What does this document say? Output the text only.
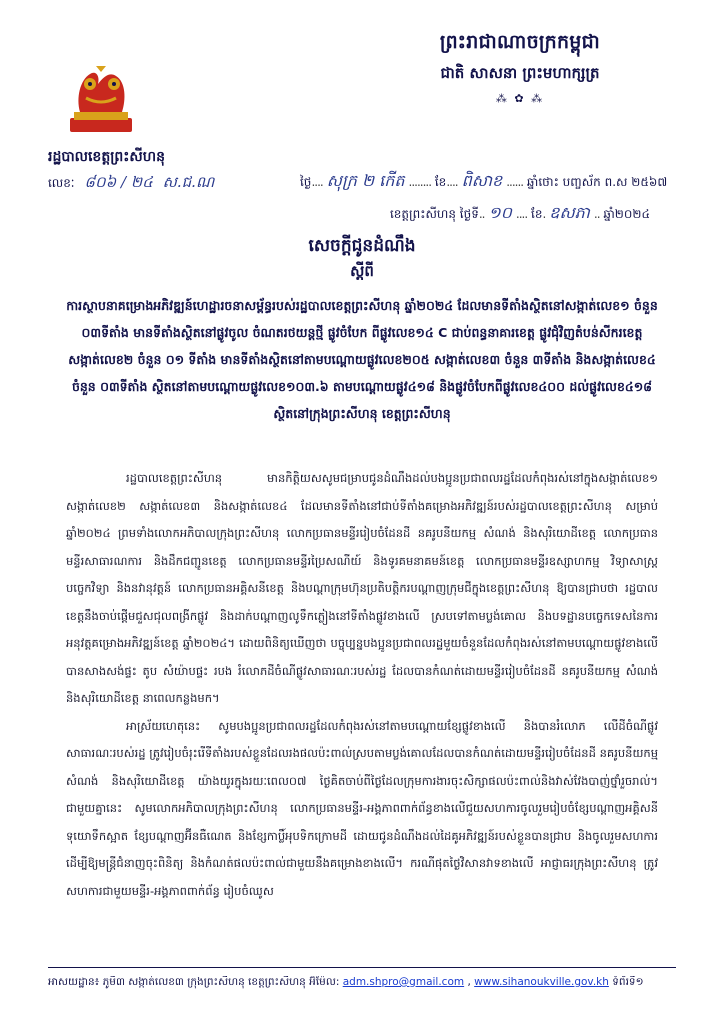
ព្រះរាជាណាចក្រកម្ពុជា
ជាតិ សាសនា ព្រះមហាក្សត្រ
⁂ ✿ ⁂
រដ្ឋបាលខេត្តព្រះសីហនុ
លេខៈ ៨០៦ / ២៤ ស.ជ.ណ	ថ្ងៃ.... សុក្រ ២ កើត ........ ខែ.... ពិសាខ ...... ឆ្នាំថោះ បញ្ចស័ក ព.ស ២៥៦៧
ខេត្តព្រះសីហនុ ថ្ងៃទី.. ១០ .... ខែ. ឧសភា .. ឆ្នាំ២០២៤
សេចក្តីជូនដំណឹង
ស្តីពី
ការស្ថាបនាគម្រោងអភិវឌ្ឍន៍ហេដ្ឋារចនាសម្ព័ន្ធរបស់រដ្ឋបាលខេត្តព្រះសីហនុ ឆ្នាំ២០២៤ ដែលមានទីតាំងស្ថិតនៅសង្កាត់លេខ១ ចំនួន ០៣ទីតាំង មានទីតាំងស្ថិតនៅផ្លូវចូល ចំណតរថយន្តថ្មី ផ្លូវចំបែក ពីផ្លូវលេខ១៤ C ជាប់ពន្ធនាគារខេត្ត ផ្លូវជុំវិញតំបន់សីករខេត្ត សង្កាត់លេខ២ ចំនួន ០១ ទីតាំង មានទីតាំងស្ថិតនៅតាមបណ្តោយផ្លូវលេខ២០៥ សង្កាត់លេខ៣ ចំនួន ៣ទីតាំង និងសង្កាត់លេខ៤ ចំនួន ០៣ទីតាំង ស្ថិតនៅតាមបណ្តោយផ្លូវលេខ១០៣.៦ តាមបណ្តោយផ្លូវ៤១៨ និងផ្លូវចំបែកពីផ្លូវលេខ៤០០ ដល់ផ្លូវលេខ៤១៨ ស្ថិតនៅក្រុងព្រះសីហនុ ខេត្តព្រះសីហនុ

រដ្ឋបាលខេត្តព្រះសីហនុ មានកិត្តិយសសូមជម្រាបជូនដំណឹងដល់បងប្អូនប្រជាពលរដ្ឋដែលកំពុងរស់នៅក្នុងសង្កាត់លេខ១ សង្កាត់លេខ២ សង្កាត់លេខ៣ និងសង្កាត់លេខ៤ ដែលមានទីតាំងនៅជាប់ទីតាំងគម្រោងអភិវឌ្ឍន៍របស់រដ្ឋបាលខេត្តព្រះសីហនុ សម្រាប់ឆ្នាំ២០២៤ ព្រមទាំងលោកអភិបាលក្រុងព្រះសីហនុ លោកប្រធានមន្ទីររៀបចំដែនដី នគរូបនីយកម្ម សំណង់ និងសុរិយោដីខេត្ត លោកប្រធានមន្ទីរសាធារណការ និងដឹកជញ្ជូនខេត្ត លោកប្រធានមន្ទីរប្រៃសណីយ៍ និងទូរគមនាគមន៍ខេត្ត លោកប្រធានមន្ទីរឧស្សាហកម្ម វិទ្យាសាស្ត្រ បច្ចេកវិទ្យា និងនវានុវត្តន៍ លោកប្រធានអគ្គិសនីខេត្ត និងបណ្តាក្រុមហ៊ុនប្រតិបត្តិករបណ្តាញក្រុមជីក្នុងខេត្តព្រះសីហនុ ឱ្យបានជ្រាបថា រដ្ឋបាលខេត្តនឹងចាប់ផ្តើមជួសជុលពង្រីកផ្លូវ និងដាក់បណ្តាញលូទឹកភ្លៀងនៅទីតាំងផ្លូវខាងលើ ស្របទៅតាមប្លង់គោល និងបទដ្ឋានបច្ចេកទេសនៃការអនុវត្តគម្រោងអភិវឌ្ឍន៍ខេត្ត ឆ្នាំ២០២៤។ ដោយពិនិត្យឃើញថា បច្ចុប្បន្នបងប្អូនប្រជាពលរដ្ឋមួយចំនួនដែលកំពុងរស់នៅតាមបណ្តោយផ្លូវខាងលើបានសាងសង់ផ្ទះ តូប សំយ៉ាបផ្ទះ របង រំលោភដីចំណីផ្លូវសាធារណៈរបស់រដ្ឋ ដែលបានកំណត់ដោយមន្ទីររៀបចំដែនដី នគរូបនីយកម្ម សំណង់ និងសុរិយោដីខេត្ត នាពេលកន្លងមក។

អាស្រ័យហេតុនេះ សូមបងប្អូនប្រជាពលរដ្ឋដែលកំពុងរស់នៅតាមបណ្តោយខ្សែផ្លូវខាងលើ និងបានរំលោភ លើដីចំណីផ្លូវសាធារណៈរបស់រដ្ឋ ត្រូវរៀបចំរុះរើទីតាំងរបស់ខ្លួនដែលរងផលប៉ះពាល់ស្របតាមប្លង់គោលដែលបានកំណត់ដោយមន្ទីររៀបចំដែនដី នគរូបនីយកម្ម សំណង់ និងសុរិយោដីខេត្ត យ៉ាងយូរក្នុងរយៈពេល០៧ ថ្ងៃគិតចាប់ពីថ្ងៃដែលក្រុមការងារចុះសិក្សាផលប៉ះពាល់និងវាស់វែងបាញ់ថ្នាំរួចរាល់។ ជាមួយគ្នានេះ សូមលោកអភិបាលក្រុងព្រះសីហនុ លោកប្រធានមន្ទីរ-អង្គភាពពាក់ព័ន្ធខាងលើជួយសហការចូលរួមរៀបចំខ្សែបណ្តាញអគ្គិសនី ទុយោទឹកស្អាត ខ្សែបណ្តាញអ៊ីនធឺណេត និងខ្សែកាប្លិ៍អុបទិកក្រោមដី ដោយជូនដំណឹងដល់ដៃគូអភិវឌ្ឍន៍របស់ខ្លួនបានជ្រាប និងចូលរួមសហការ ដើម្បីឱ្យមន្ត្រីជំនាញចុះពិនិត្យ និងកំណត់ផលប៉ះពាល់ជាមួយនឹងគម្រោងខាងលើ។ ករណីផុតថ្ងៃវិសានវាទខាងលើ អាជ្ញាធរក្រុងព្រះសីហនុ ត្រូវសហការជាមួយមន្ទីរ-អង្គភាពពាក់ព័ន្ធ រៀបចំឈូស

អាសយដ្ឋាន៖ ភូមិ៣ សង្កាត់លេខ៣ ក្រុងព្រះសីហនុ ខេត្តព្រះសីហនុ អ៊ីម៉ែល: adm.shpro@gmail.com , www.sihanoukville.gov.kh ទំព័រទី១
